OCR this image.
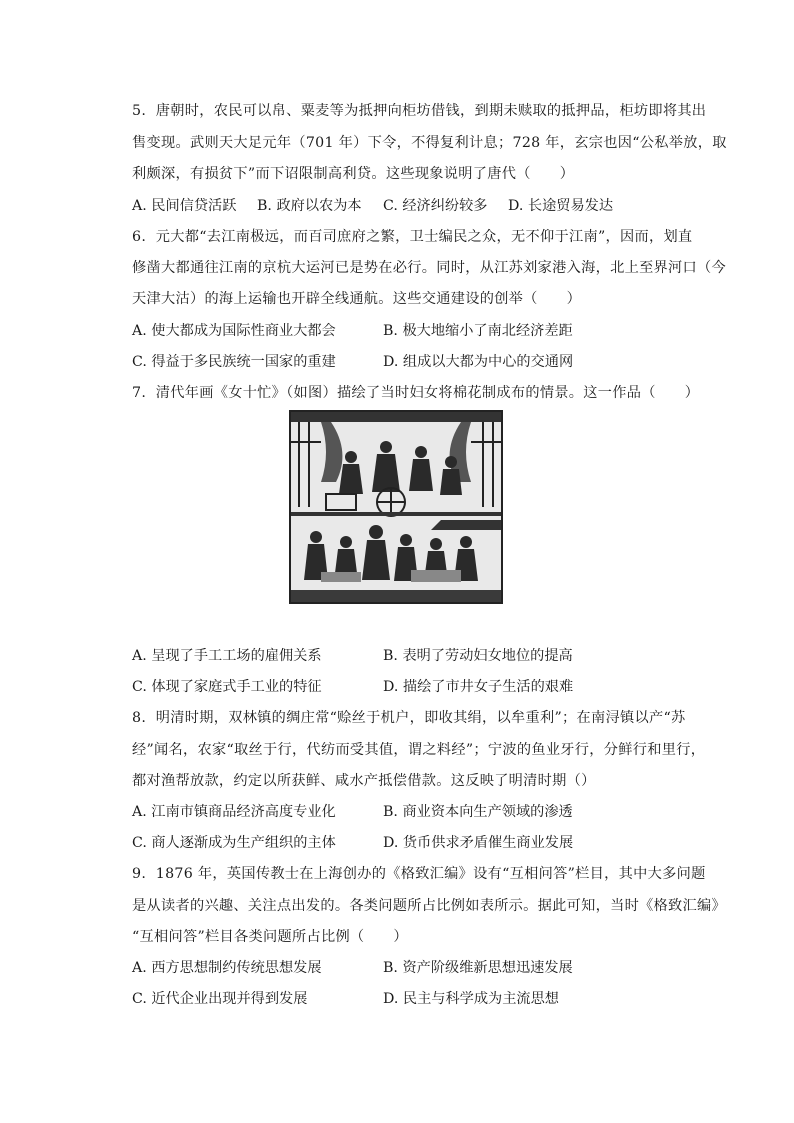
5. 唐朝时，农民可以帛、粟麦等为抵押向柜坊借钱，到期未赎取的抵押品，柜坊即将其出
售变现。武则天大足元年（701 年）下令，不得复利计息；728 年，玄宗也因“公私举放，取
利颇深，有损贫下”而下诏限制高利贷。这些现象说明了唐代（　　）
A. 民间信贷活跃 B. 政府以农为本 C. 经济纠纷较多 D. 长途贸易发达
6. 元大都“去江南极远，而百司庶府之繁，卫士编民之众，无不仰于江南”，因而，划直
修凿大都通往江南的京杭大运河已是势在必行。同时，从江苏刘家港入海，北上至界河口（今
天津大沽）的海上运输也开辟全线通航。这些交通建设的创举（　　）
A. 使大都成为国际性商业大都会	B. 极大地缩小了南北经济差距
C. 得益于多民族统一国家的重建	D. 组成以大都为中心的交通网
7. 清代年画《女十忙》（如图）描绘了当时妇女将棉花制成布的情景。这一作品（　　）
A. 呈现了手工工场的雇佣关系	B. 表明了劳动妇女地位的提高
C. 体现了家庭式手工业的特征	D. 描绘了市井女子生活的艰难
8. 明清时期，双林镇的绸庄常“赊丝于机户，即收其绢，以牟重利”；在南浔镇以产“苏
经”闻名，农家“取丝于行，代纺而受其值，谓之料经”；宁波的鱼业牙行，分鲜行和里行，
都对渔帮放款，约定以所获鲜、咸水产抵偿借款。这反映了明清时期（）
A. 江南市镇商品经济高度专业化	B. 商业资本向生产领域的渗透
C. 商人逐渐成为生产组织的主体	D. 货币供求矛盾催生商业发展
9. 1876 年，英国传教士在上海创办的《格致汇编》设有“互相问答”栏目，其中大多问题
是从读者的兴趣、关注点出发的。各类问题所占比例如表所示。据此可知，当时《格致汇编》
“互相问答”栏目各类问题所占比例（　　）
A. 西方思想制约传统思想发展	B. 资产阶级维新思想迅速发展
C. 近代企业出现并得到发展	D. 民主与科学成为主流思想
